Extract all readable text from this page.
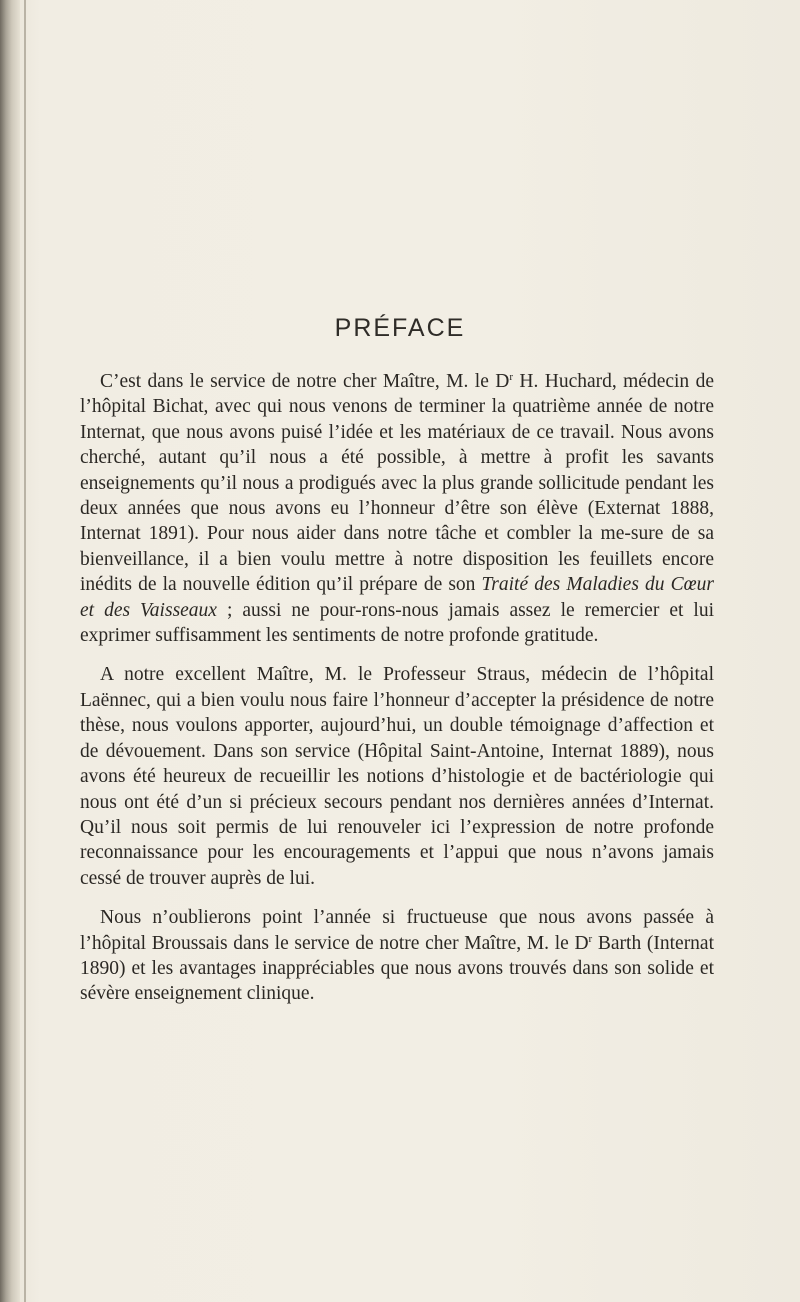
PRÉFACE

C’est dans le service de notre cher Maître, M. le $D^r$ H. Huchard, médecin de l’hôpital Bichat, avec qui nous venons de terminer la quatrième année de notre Internat, que nous avons puisé l’idée et les matériaux de ce travail. Nous avons cherché, autant qu’il nous a été possible, à mettre à profit les savants enseignements qu’il nous a prodigués avec la plus grande sollicitude pendant les deux années que nous avons eu l’honneur d’être son élève (Externat 1888, Internat 1891). Pour nous aider dans notre tâche et combler la me-sure de sa bienveillance, il a bien voulu mettre à notre disposition les feuillets encore inédits de la nouvelle édition qu’il prépare de son Traité des Maladies du Cœur et des Vaisseaux ; aussi ne pour-rons-nous jamais assez le remercier et lui exprimer suffisamment les sentiments de notre profonde gratitude.

A notre excellent Maître, M. le Professeur Straus, médecin de l’hôpital Laënnec, qui a bien voulu nous faire l’honneur d’accepter la présidence de notre thèse, nous voulons apporter, aujourd’hui, un double témoignage d’affection et de dévouement. Dans son service (Hôpital Saint-Antoine, Internat 1889), nous avons été heureux de recueillir les notions d’histologie et de bactériologie qui nous ont été d’un si précieux secours pendant nos dernières années d’Internat. Qu’il nous soit permis de lui renouveler ici l’expression de notre profonde reconnaissance pour les encouragements et l’appui que nous n’avons jamais cessé de trouver auprès de lui.

Nous n’oublierons point l’année si fructueuse que nous avons passée à l’hôpital Broussais dans le service de notre cher Maître, M. le $D^r$ Barth (Internat 1890) et les avantages inappréciables que nous avons trouvés dans son solide et sévère enseignement clinique.
